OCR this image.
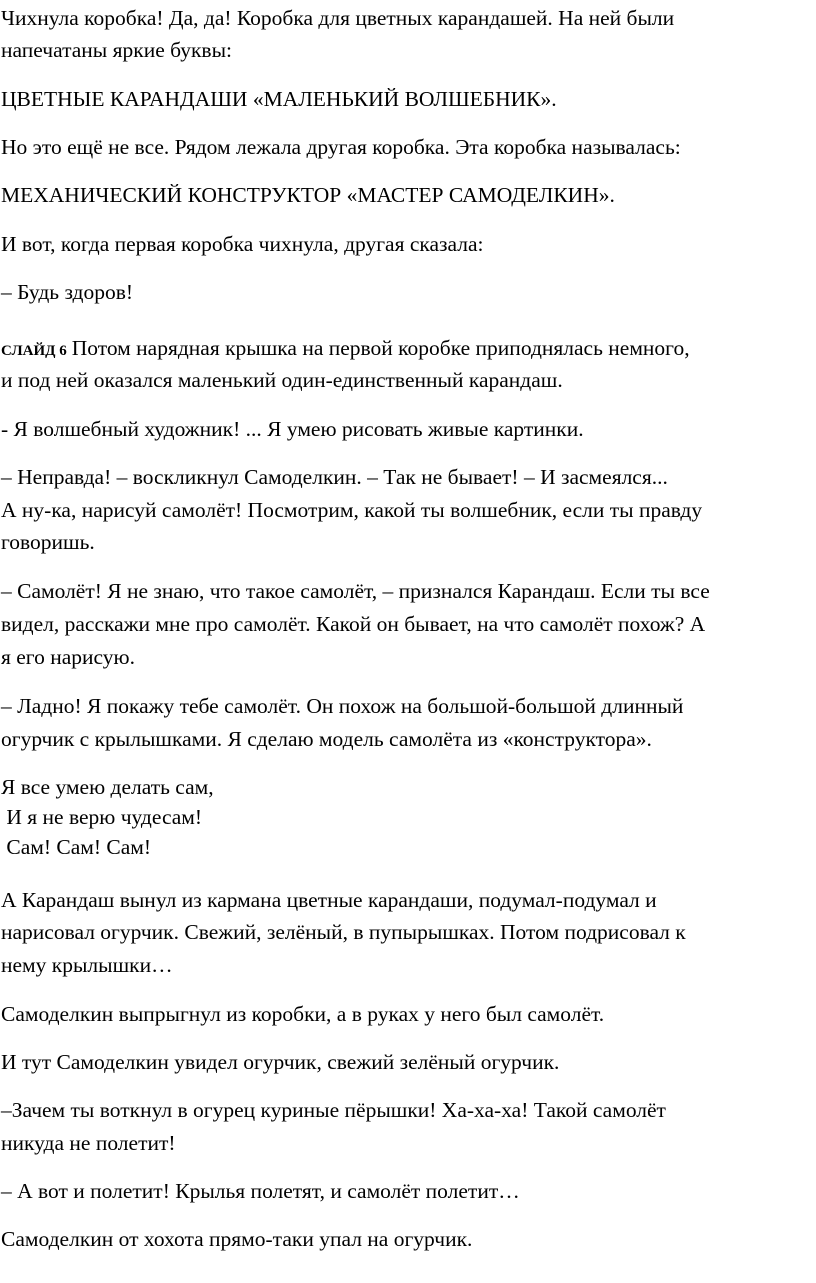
Чихнула коробка! Да, да! Коробка для цветных карандашей. На ней были

напечатаны яркие буквы:

ЦВЕТНЫЕ КАРАНДАШИ «МАЛЕНЬКИЙ ВОЛШЕБНИК».

Но это ещё не все. Рядом лежала другая коробка. Эта коробка называлась:

МЕХАНИЧЕСКИЙ КОНСТРУКТОР «МАСТЕР САМОДЕЛКИН».

И вот, когда первая коробка чихнула, другая сказала:

– Будь здоров!

СЛАЙД 6 Потом нарядная крышка на первой коробке приподнялась немного,

и под ней оказался маленький один-единственный карандаш.

- Я волшебный художник! ... Я умею рисовать живые картинки.

– Неправда! – воскликнул Самоделкин. – Так не бывает! – И засмеялся...

А ну-ка, нарисуй самолёт! Посмотрим, какой ты волшебник, если ты правду

говоришь.

– Самолёт! Я не знаю, что такое самолёт, – признался Карандаш. Если ты все

видел, расскажи мне про самолёт. Какой он бывает, на что самолёт похож? А

я его нарисую.

– Ладно! Я покажу тебе самолёт. Он похож на большой-большой длинный

огурчик с крылышками. Я сделаю модель самолёта из «конструктора».

Я все умею делать сам,

И я не верю чудесам!

Сам! Сам! Сам!

А Карандаш вынул из кармана цветные карандаши, подумал-подумал и

нарисовал огурчик. Свежий, зелёный, в пупырышках. Потом подрисовал к

нему крылышки…

Самоделкин выпрыгнул из коробки, а в руках у него был самолёт.

И тут Самоделкин увидел огурчик, свежий зелёный огурчик.

–Зачем ты воткнул в огурец куриные пёрышки! Ха-ха-ха! Такой самолёт

никуда не полетит!

– А вот и полетит! Крылья полетят, и самолёт полетит…

Самоделкин от хохота прямо-таки упал на огурчик.
